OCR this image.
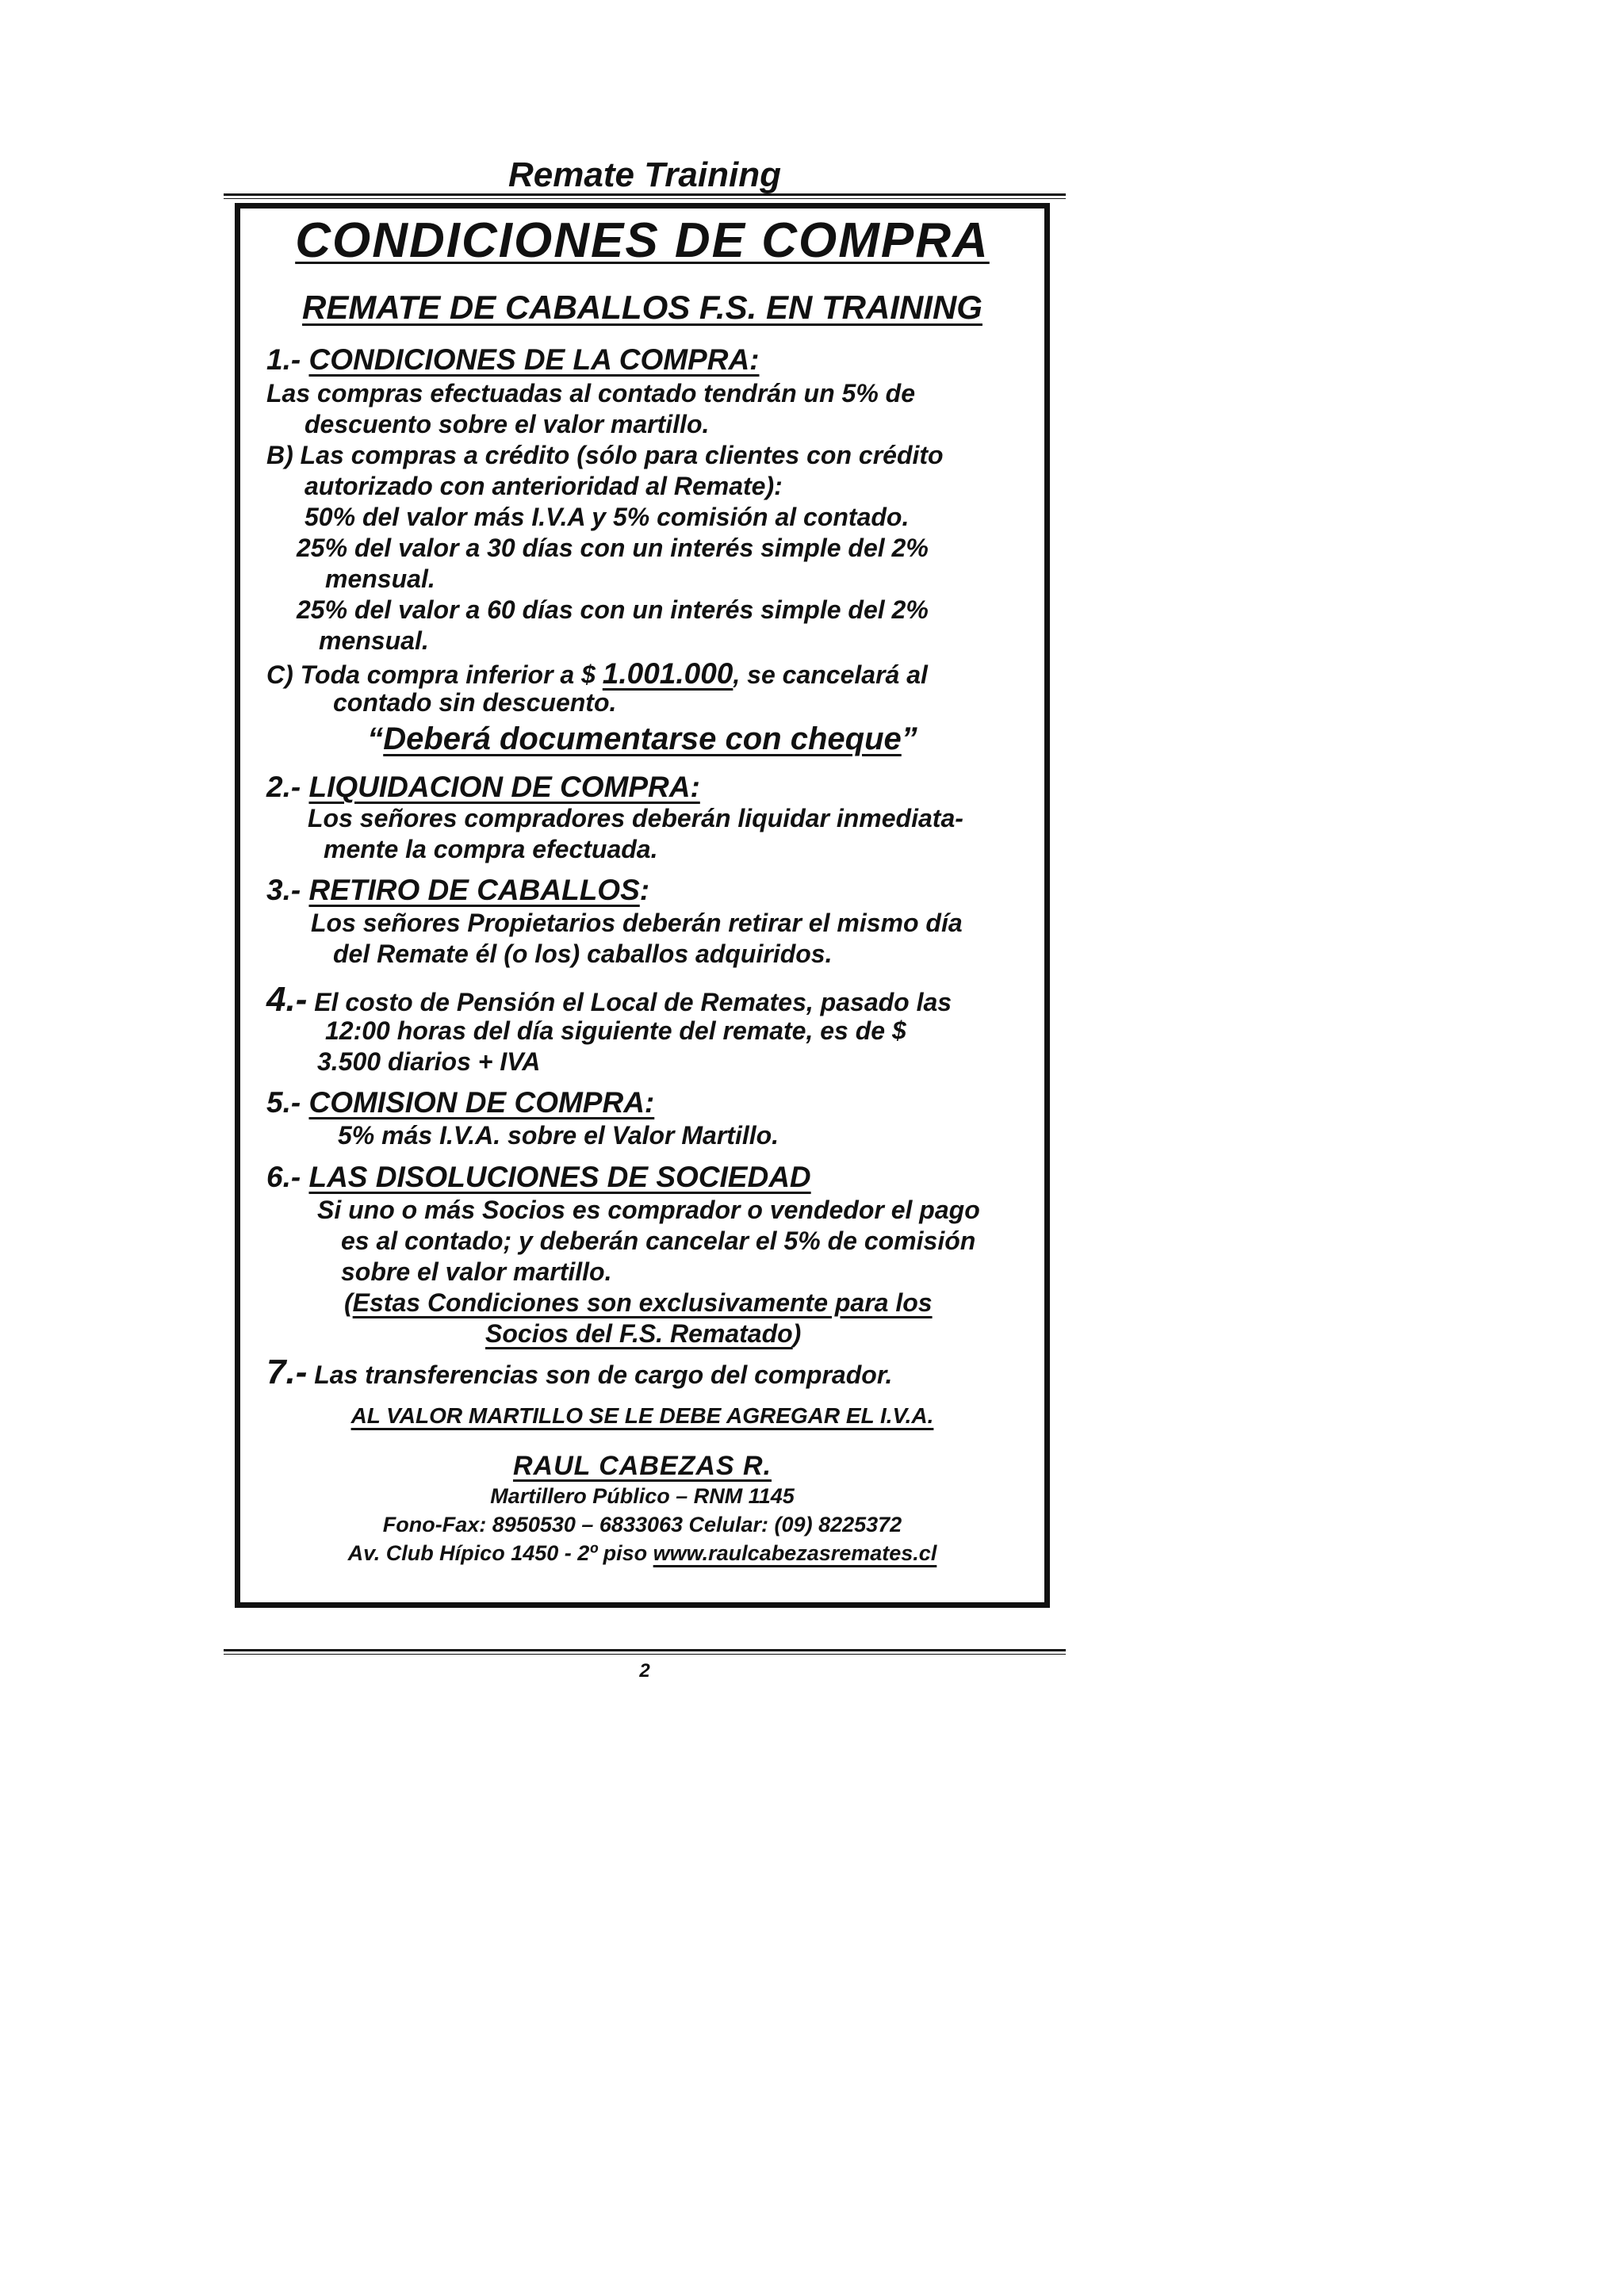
Remate Training
CONDICIONES DE COMPRA
REMATE DE CABALLOS F.S. EN TRAINING
1.- CONDICIONES DE LA COMPRA:
Las compras efectuadas al contado tendrán un 5% de
descuento sobre el valor martillo.
B) Las compras a crédito (sólo para clientes con crédito
autorizado con anterioridad al Remate):
50% del valor más I.V.A y 5% comisión al contado.
25% del valor a 30 días con un interés simple del 2%
mensual.
25% del valor a 60 días con un interés simple del 2%
mensual.
C) Toda compra inferior a $ 1.001.000, se cancelará al
contado sin descuento.
“Deberá documentarse con cheque”
2.- LIQUIDACION DE COMPRA:
Los señores compradores deberán liquidar inmediata-
mente la compra efectuada.
3.- RETIRO DE CABALLOS:
Los señores Propietarios deberán retirar el mismo día
del Remate él (o los) caballos adquiridos.
4.- El costo de Pensión el Local de Remates, pasado las
12:00 horas del día siguiente del remate, es de $
3.500 diarios + IVA
5.- COMISION DE COMPRA:
5% más I.V.A. sobre el Valor Martillo.
6.- LAS DISOLUCIONES DE SOCIEDAD
Si uno o más Socios es comprador o vendedor el pago
es al contado; y deberán cancelar el 5% de comisión
sobre el valor martillo.
(Estas Condiciones son exclusivamente para los
Socios del F.S. Rematado)
7.- Las transferencias son de cargo del comprador.
AL VALOR MARTILLO SE LE DEBE AGREGAR EL I.V.A.
RAUL CABEZAS R.
Martillero Público – RNM 1145
Fono-Fax: 8950530 – 6833063 Celular: (09) 8225372
Av. Club Hípico 1450 - 2º piso www.raulcabezasremates.cl
2
